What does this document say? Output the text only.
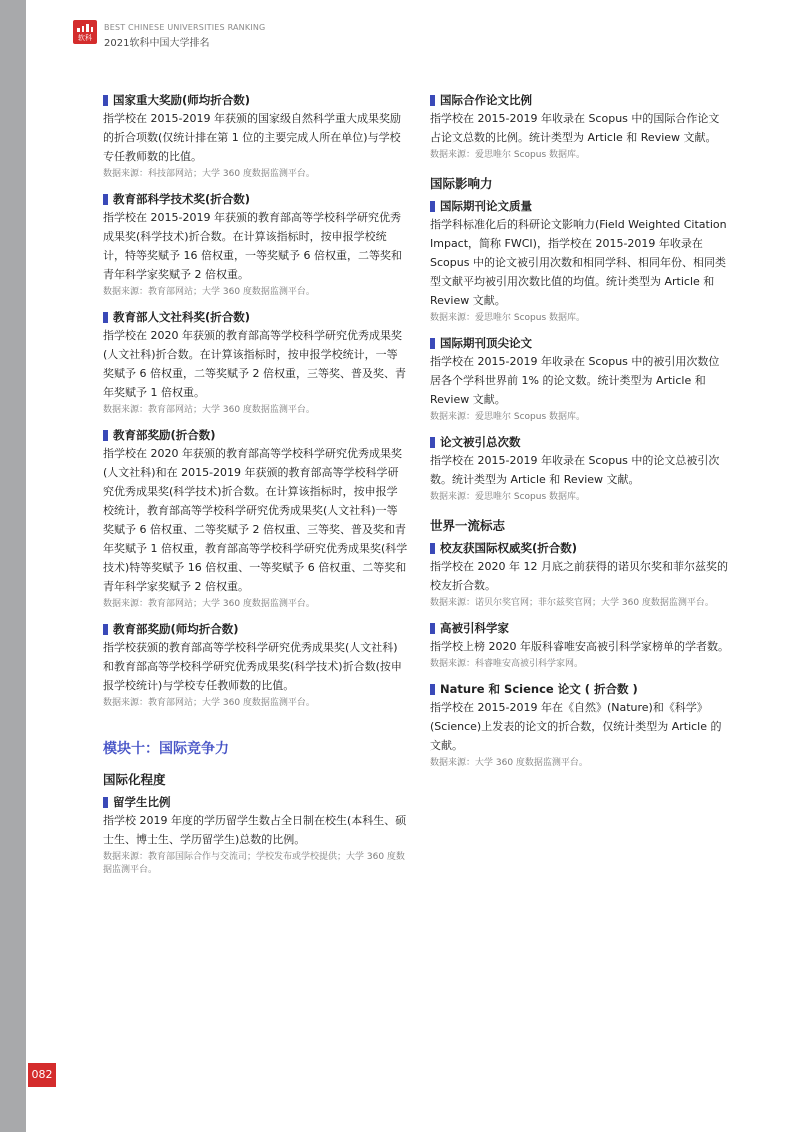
082
软科
BEST CHINESE UNIVERSITIES RANKING
2021软科中国大学排名
国家重大奖励(师均折合数)
指学校在 2015-2019 年获颁的国家级自然科学重大成果奖励的折合项数(仅统计排在第 1 位的主要完成人所在单位)与学校专任教师数的比值。
数据来源：科技部网站；大学 360 度数据监测平台。
教育部科学技术奖(折合数)
指学校在 2015-2019 年获颁的教育部高等学校科学研究优秀成果奖(科学技术)折合数。在计算该指标时，按申报学校统计，特等奖赋予 16 倍权重，一等奖赋予 6 倍权重，二等奖和青年科学家奖赋予 2 倍权重。
数据来源：教育部网站；大学 360 度数据监测平台。
教育部人文社科奖(折合数)
指学校在 2020 年获颁的教育部高等学校科学研究优秀成果奖(人文社科)折合数。在计算该指标时，按申报学校统计，一等奖赋予 6 倍权重，二等奖赋予 2 倍权重，三等奖、普及奖、青年奖赋予 1 倍权重。
数据来源：教育部网站；大学 360 度数据监测平台。
教育部奖励(折合数)
指学校在 2020 年获颁的教育部高等学校科学研究优秀成果奖(人文社科)和在 2015-2019 年获颁的教育部高等学校科学研究优秀成果奖(科学技术)折合数。在计算该指标时，按申报学校统计，教育部高等学校科学研究优秀成果奖(人文社科)一等奖赋予 6 倍权重、二等奖赋予 2 倍权重、三等奖、普及奖和青年奖赋予 1 倍权重，教育部高等学校科学研究优秀成果奖(科学技术)特等奖赋予 16 倍权重、一等奖赋予 6 倍权重、二等奖和青年科学家奖赋予 2 倍权重。
数据来源：教育部网站；大学 360 度数据监测平台。
教育部奖励(师均折合数)
指学校获颁的教育部高等学校科学研究优秀成果奖(人文社科)和教育部高等学校科学研究优秀成果奖(科学技术)折合数(按申报学校统计)与学校专任教师数的比值。
数据来源：教育部网站；大学 360 度数据监测平台。
模块十：国际竞争力
国际化程度
留学生比例
指学校 2019 年度的学历留学生数占全日制在校生(本科生、硕士生、博士生、学历留学生)总数的比例。
数据来源：教育部国际合作与交流司；学校发布或学校提供；大学 360 度数据监测平台。
国际合作论文比例
指学校在 2015-2019 年收录在 Scopus 中的国际合作论文占论文总数的比例。统计类型为 Article 和 Review 文献。
数据来源：爱思唯尔 Scopus 数据库。
国际影响力
国际期刊论文质量
指学科标准化后的科研论文影响力(Field Weighted Citation Impact，简称 FWCI)，指学校在 2015-2019 年收录在 Scopus 中的论文被引用次数和相同学科、相同年份、相同类型文献平均被引用次数比值的均值。统计类型为 Article 和 Review 文献。
数据来源：爱思唯尔 Scopus 数据库。
国际期刊顶尖论文
指学校在 2015-2019 年收录在 Scopus 中的被引用次数位居各个学科世界前 1% 的论文数。统计类型为 Article 和 Review 文献。
数据来源：爱思唯尔 Scopus 数据库。
论文被引总次数
指学校在 2015-2019 年收录在 Scopus 中的论文总被引次数。统计类型为 Article 和 Review 文献。
数据来源：爱思唯尔 Scopus 数据库。
世界一流标志
校友获国际权威奖(折合数)
指学校在 2020 年 12 月底之前获得的诺贝尔奖和菲尔兹奖的校友折合数。
数据来源：诺贝尔奖官网；菲尔兹奖官网；大学 360 度数据监测平台。
高被引科学家
指学校上榜 2020 年版科睿唯安高被引科学家榜单的学者数。
数据来源：科睿唯安高被引科学家网。
Nature 和 Science 论文 ( 折合数 )
指学校在 2015-2019 年在《自然》(Nature)和《科学》(Science)上发表的论文的折合数，仅统计类型为 Article 的文献。
数据来源：大学 360 度数据监测平台。
